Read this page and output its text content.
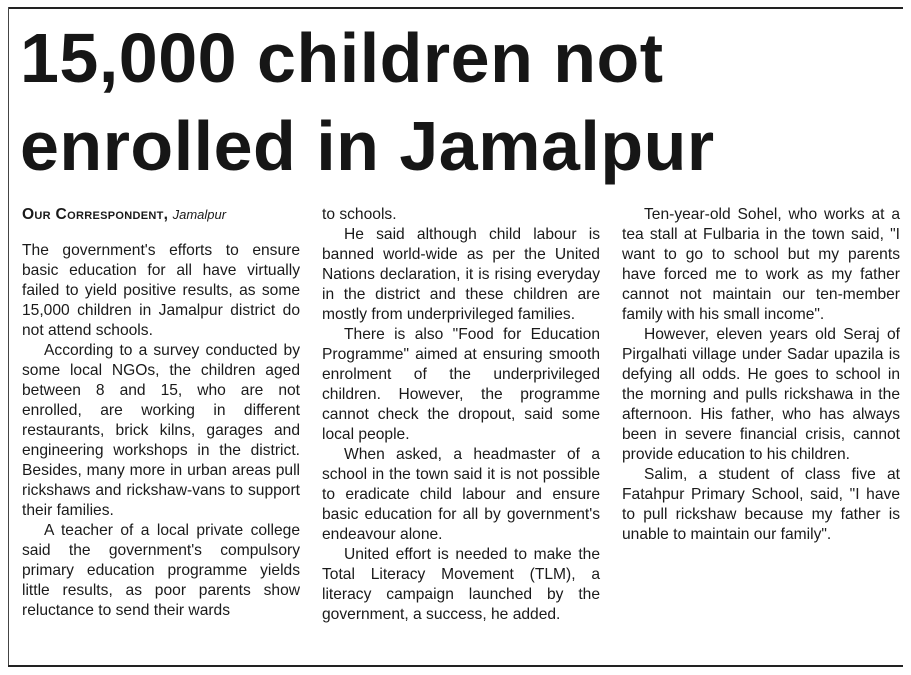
15,000 children not
enrolled in Jamalpur
Our Correspondent, Jamalpur

The government's efforts to ensure basic education for all have virtually failed to yield positive results, as some 15,000 children in Jamalpur district do not attend schools.

According to a survey conducted by some local NGOs, the children aged between 8 and 15, who are not enrolled, are working in different restaurants, brick kilns, garages and engineering workshops in the district. Besides, many more in urban areas pull rickshaws and rickshaw-vans to support their families.

A teacher of a local private college said the government's compulsory primary education programme yields little results, as poor parents show reluctance to send their wards

to schools.

He said although child labour is banned world-wide as per the United Nations declaration, it is rising everyday in the district and these children are mostly from underprivileged families.

There is also "Food for Education Programme" aimed at ensuring smooth enrolment of the underprivileged children. However, the programme cannot check the dropout, said some local people.

When asked, a headmaster of a school in the town said it is not possible to eradicate child labour and ensure basic education for all by government's endeavour alone.

United effort is needed to make the Total Literacy Movement (TLM), a literacy campaign launched by the government, a success, he added.

Ten-year-old Sohel, who works at a tea stall at Fulbaria in the town said, "I want to go to school but my parents have forced me to work as my father cannot not maintain our ten-member family with his small income".

However, eleven years old Seraj of Pirgalhati village under Sadar upazila is defying all odds. He goes to school in the morning and pulls rickshawa in the afternoon. His father, who has always been in severe financial crisis, cannot provide education to his children.

Salim, a student of class five at Fatahpur Primary School, said, "I have to pull rickshaw because my father is unable to maintain our family".
